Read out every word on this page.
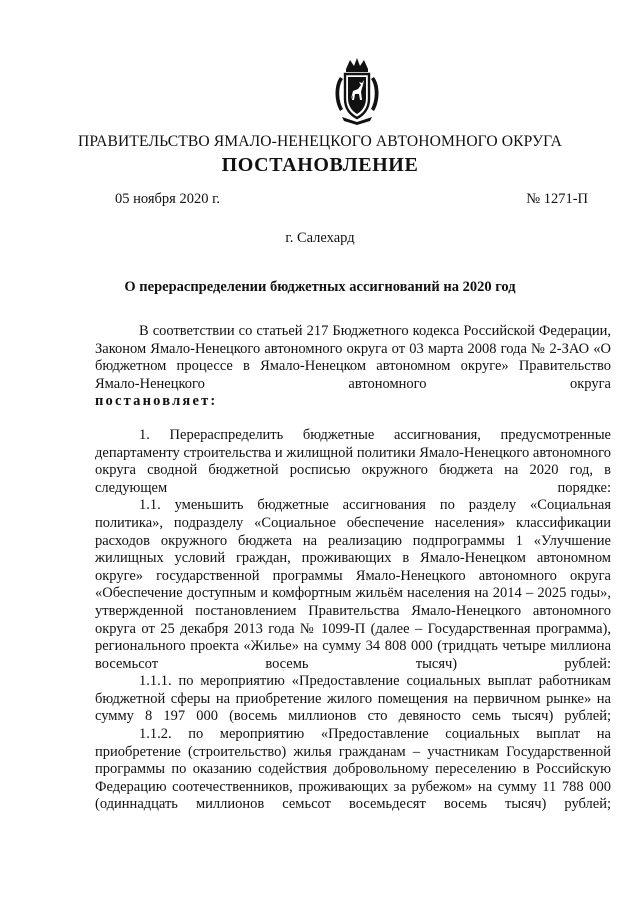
ПРАВИТЕЛЬСТВО ЯМАЛО-НЕНЕЦКОГО АВТОНОМНОГО ОКРУГА
ПОСТАНОВЛЕНИЕ
05 ноября 2020 г.	№ 1271-П
г. Салехард
О перераспределении бюджетных ассигнований на 2020 год

В соответствии со статьей 217 Бюджетного кодекса Российской Федерации, Законом Ямало-Ненецкого автономного округа от 03 марта 2008 года № 2-ЗАО «О бюджетном процессе в Ямало-Ненецком автономном округе» Правительство Ямало-Ненецкого автономного округа

постановляет:

1. Перераспределить бюджетные ассигнования, предусмотренные департаменту строительства и жилищной политики Ямало-Ненецкого автономного округа сводной бюджетной росписью окружного бюджета на 2020 год, в следующем порядке:

1.1. уменьшить бюджетные ассигнования по разделу «Социальная политика», подразделу «Социальное обеспечение населения» классификации расходов окружного бюджета на реализацию подпрограммы 1 «Улучшение жилищных условий граждан, проживающих в Ямало-Ненецком автономном округе» государственной программы Ямало-Ненецкого автономного округа «Обеспечение доступным и комфортным жильём населения на 2014 – 2025 годы», утвержденной постановлением Правительства Ямало-Ненецкого автономного округа от 25 декабря 2013 года № 1099-П (далее – Государственная программа), регионального проекта «Жилье» на сумму 34 808 000 (тридцать четыре миллиона восемьсот восемь тысяч) рублей:

1.1.1. по мероприятию «Предоставление социальных выплат работникам бюджетной сферы на приобретение жилого помещения на первичном рынке» на сумму 8 197 000 (восемь миллионов сто девяносто семь тысяч) рублей;

1.1.2. по мероприятию «Предоставление социальных выплат на приобретение (строительство) жилья гражданам – участникам Государственной программы по оказанию содействия добровольному переселению в Российскую Федерацию соотечественников, проживающих за рубежом» на сумму 11 788 000 (одиннадцать миллионов семьсот восемьдесят восемь тысяч) рублей;
